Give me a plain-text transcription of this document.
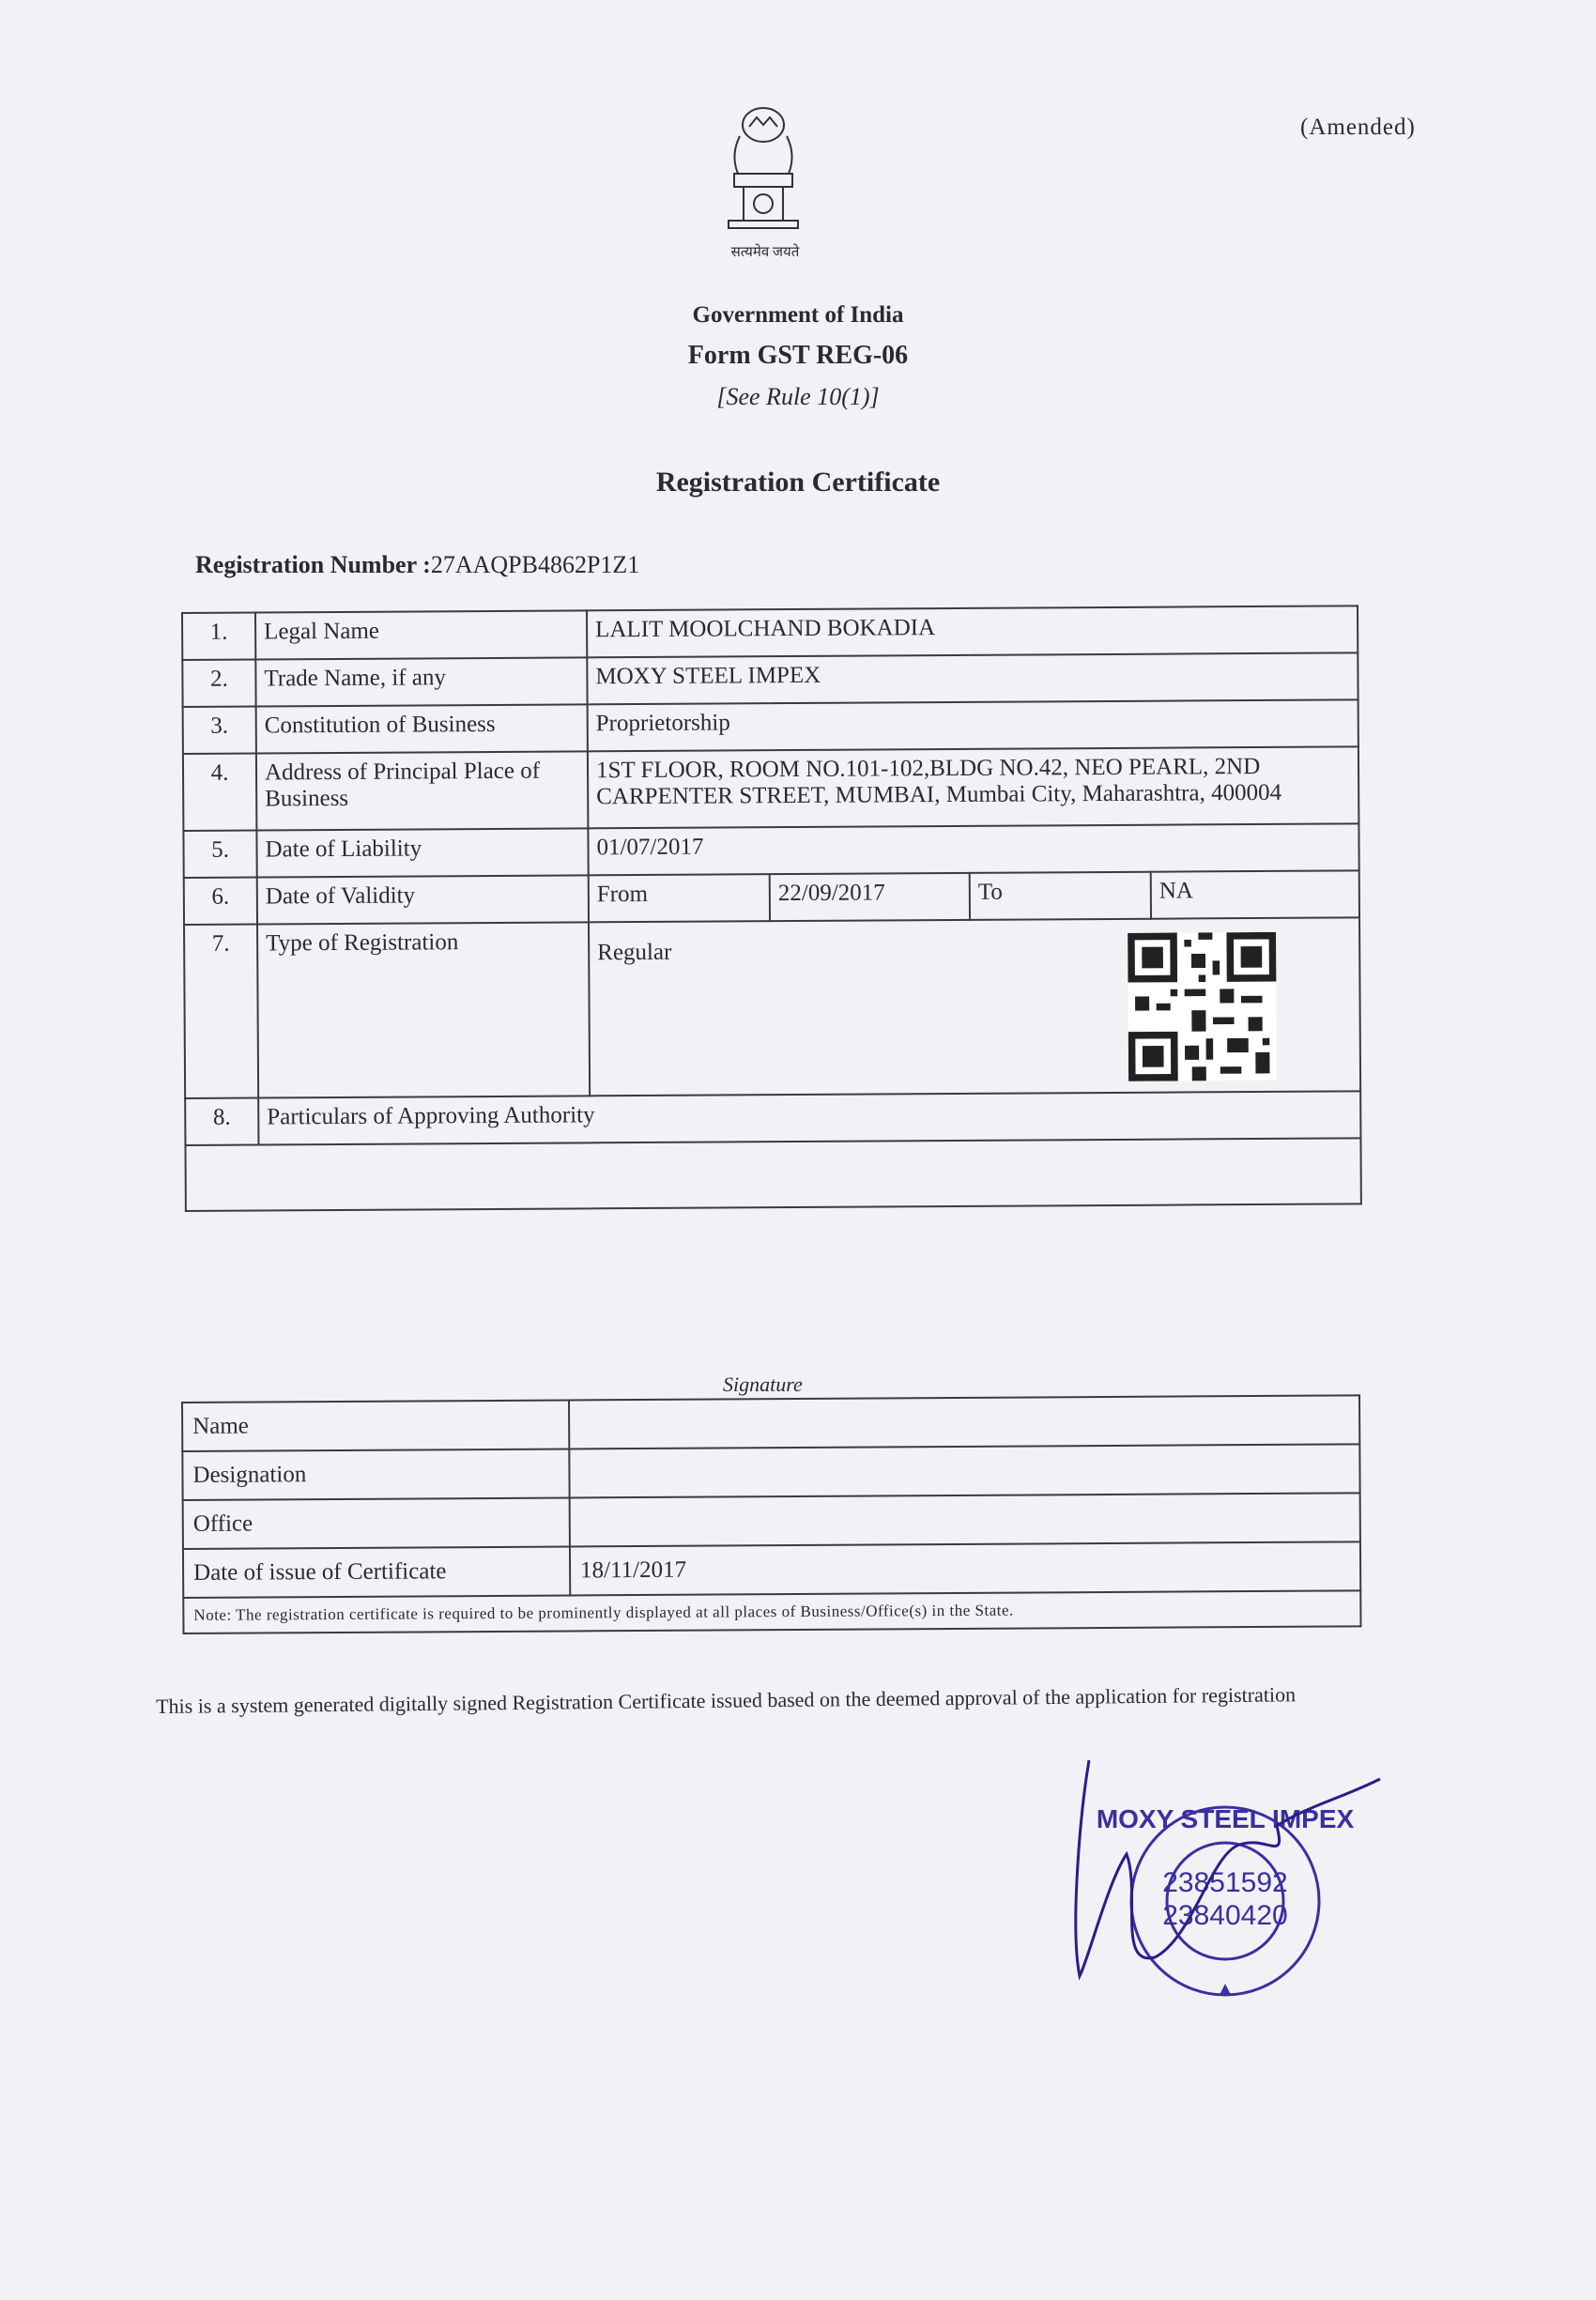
(Amended)
सत्यमेव जयते
Government of India
Form GST REG-06
[See Rule 10(1)]
Registration Certificate
Registration Number :27AAQPB4862P1Z1
1.	Legal Name	LALIT MOOLCHAND BOKADIA			
2.	Trade Name, if any	MOXY STEEL IMPEX			
3.	Constitution of Business	Proprietorship			
4.	Address of Principal Place of Business	1ST FLOOR, ROOM NO.101-102,BLDG NO.42, NEO PEARL, 2ND CARPENTER STREET, MUMBAI, Mumbai City, Maharashtra, 400004			
5.	Date of Liability	01/07/2017			
6.	Date of Validity	From	22/09/2017	To	NA
7.	Type of Registration	Regular			

8.	Particulars of Approving Authority				

Signature
Name	
Designation	
Office	
Date of issue of Certificate	18/11/2017
Note: The registration certificate is required to be prominently displayed at all places of Business/Office(s) in the State.	
This is a system generated digitally signed Registration Certificate issued based on the deemed approval of the application for registration
23851592
23840420
MOXY STEEL IMPEX
